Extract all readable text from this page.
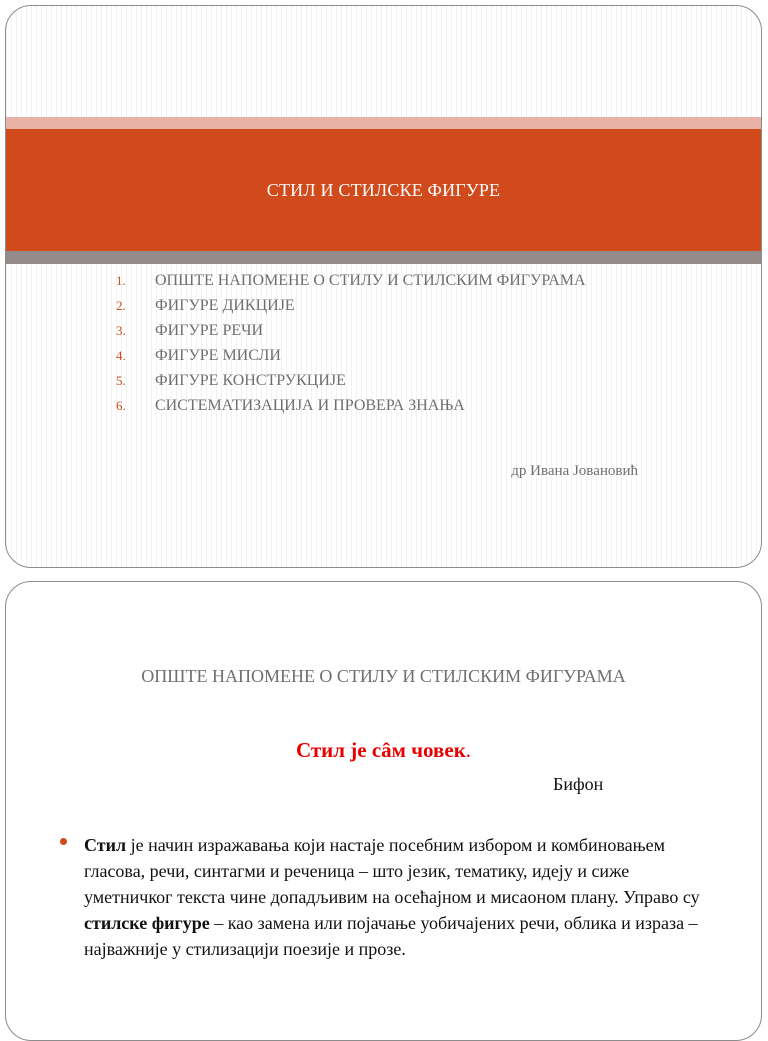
СТИЛ И СТИЛСКЕ ФИГУРЕ
1.	ОПШТЕ НАПОМЕНЕ О СТИЛУ И СТИЛСКИМ ФИГУРАМА
2.	ФИГУРЕ ДИКЦИЈЕ
3.	ФИГУРЕ РЕЧИ
4.	ФИГУРЕ МИСЛИ
5.	ФИГУРЕ КОНСТРУКЦИЈЕ
6.	СИСТЕМАТИЗАЦИЈА И ПРОВЕРА ЗНАЊА
др Ивана Јовановић
ОПШТЕ НАПОМЕНЕ О СТИЛУ И СТИЛСКИМ ФИГУРАМА
Стил је сâм човек.
Бифон

Стил је начин изражавања који настаје посебним избором и комбиновањем гласова, речи, синтагми и реченица – што језик, тематику, идеју и сиже уметничког текста чине допадљивим на осећајном и мисаоном плану. Управо су стилске фигуре – као замена или појачање уобичајених речи, облика и израза – најважније у стилизацији поезије и прозе.
